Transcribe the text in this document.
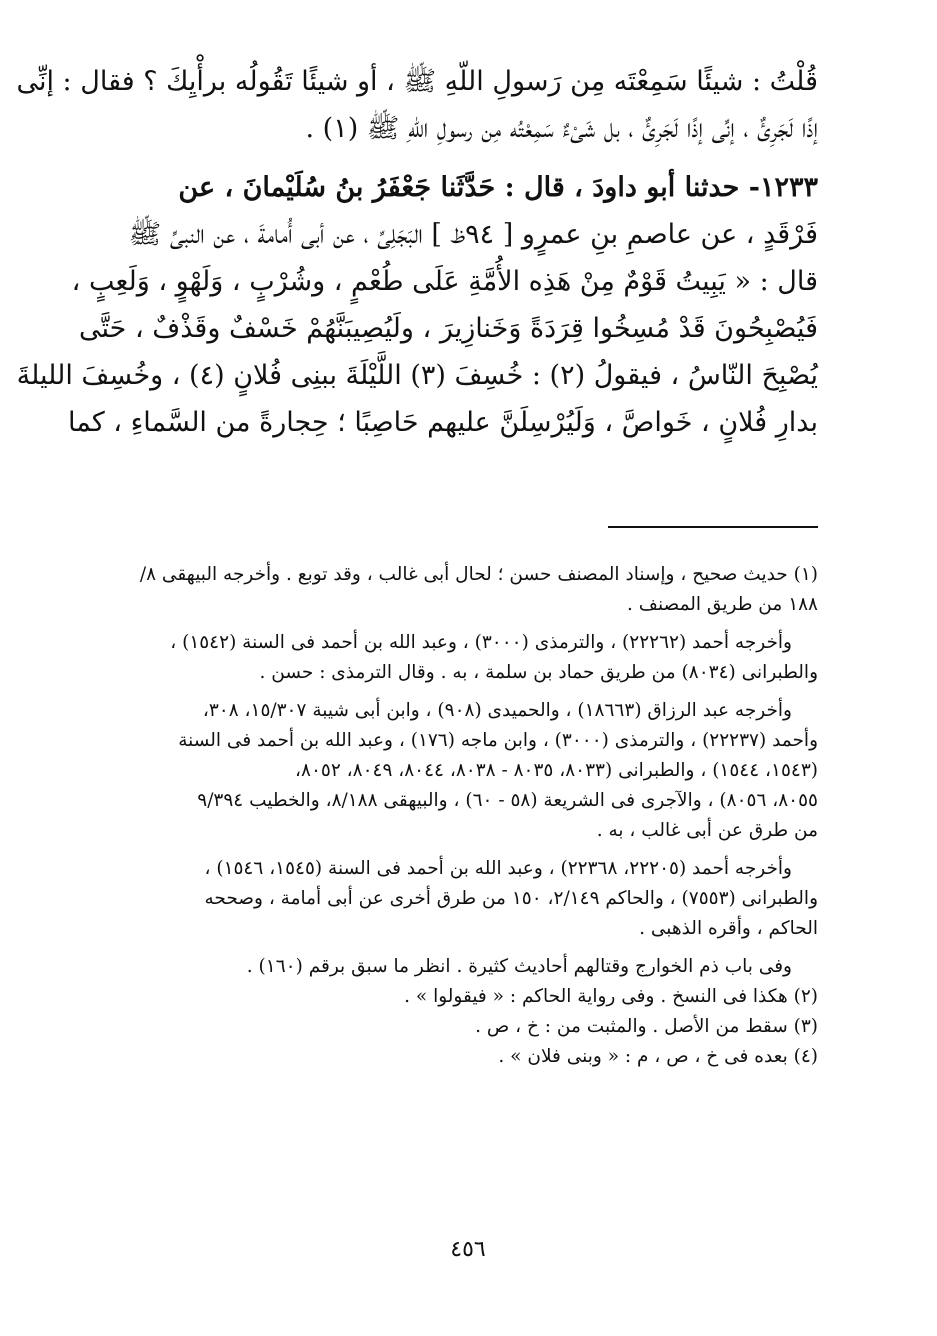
قُلْتُ : شيئًا سَمِعْتَه مِن رَسولِ اللّهِ ﷺ ، أو شيئًا تَقُولُه برأْيِكَ ؟ فقال : إنِّى
إذًا لَجَرِئٌ ، إنِّى إذًا لَجَرِئٌ ، بل شَىْءٌ سَمِعْتُه مِن رسولِ اللّهِ ﷺ (١) .
١٢٣٣- حدثنا أبو داودَ ، قال : حَدَّثَنا جَعْفَرُ بنُ سُلَيْمانَ ، عن
فَرْقَدٍ ، عن عاصمِ بنِ عمرٍو [ ٩٤ظ ] البَجَلِىِّ ، عن أبى أُمامةَ ، عن النبىِّ ﷺ
قال : « يَبِيتُ قَوْمٌ مِنْ هَذِه الأُمَّةِ عَلَى طُعْمٍ ، وشُرْبٍ ، وَلَهْوٍ ، وَلَعِبٍ ،
فَيُصْبِحُونَ قَدْ مُسِخُوا قِرَدَةً وَخَنازِيرَ ، ولَيُصِيبَنَّهُمْ خَسْفٌ وقَذْفٌ ، حَتَّى
يُصْبِحَ النّاسُ ، فيقولُ (٢) : خُسِفَ (٣) اللَّيْلَةَ ببنِى فُلانٍ (٤) ، وخُسِفَ الليلةَ
بدارِ فُلانٍ ، خَواصَّ ، وَلَيُرْسِلَنَّ عليهم حَاصِبًا ؛ حِجارةً من السَّماءِ ، كما
(١) حديث صحيح ، وإسناد المصنف حسن ؛ لحال أبى غالب ، وقد توبع . وأخرجه البيهقى ٨/
١٨٨ من طريق المصنف .
وأخرجه أحمد (٢٢٢٦٢) ، والترمذى (٣٠٠٠) ، وعبد الله بن أحمد فى السنة (١٥٤٢) ،
والطبرانى (٨٠٣٤) من طريق حماد بن سلمة ، به . وقال الترمذى : حسن .
وأخرجه عبد الرزاق (١٨٦٦٣) ، والحميدى (٩٠٨) ، وابن أبى شيبة ١٥/٣٠٧، ٣٠٨،
وأحمد (٢٢٢٣٧) ، والترمذى (٣٠٠٠) ، وابن ماجه (١٧٦) ، وعبد الله بن أحمد فى السنة
(١٥٤٣، ١٥٤٤) ، والطبرانى (٨٠٣٣، ٨٠٣٥ - ٨٠٣٨، ٨٠٤٤، ٨٠٤٩، ٨٠٥٢،
٨٠٥٥، ٨٠٥٦) ، والآجرى فى الشريعة (٥٨ - ٦٠) ، والبيهقى ٨/١٨٨، والخطيب ٩/٣٩٤
من طرق عن أبى غالب ، به .
وأخرجه أحمد (٢٢٢٠٥، ٢٢٣٦٨) ، وعبد الله بن أحمد فى السنة (١٥٤٥، ١٥٤٦) ،
والطبرانى (٧٥٥٣) ، والحاكم ٢/١٤٩، ١٥٠ من طرق أخرى عن أبى أمامة ، وصححه
الحاكم ، وأقره الذهبى .
وفى باب ذم الخوارج وقتالهم أحاديث كثيرة . انظر ما سبق برقم (١٦٠) .
(٢) هكذا فى النسخ . وفى رواية الحاكم : « فيقولوا » .
(٣) سقط من الأصل . والمثبت من : خ ، ص .
(٤) بعده فى خ ، ص ، م : « وبنى فلان » .
٤٥٦
